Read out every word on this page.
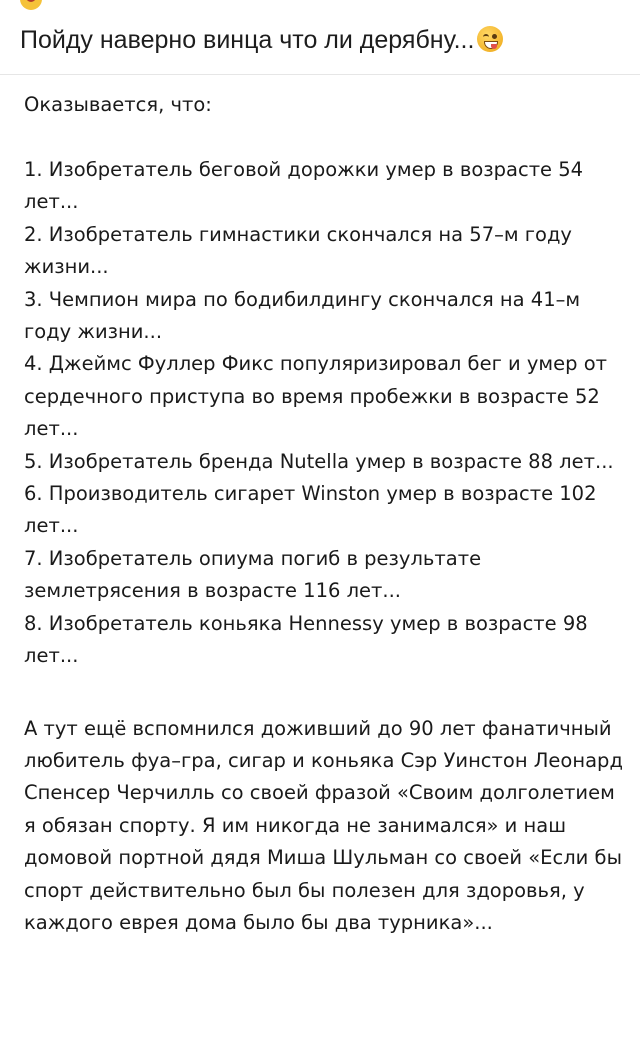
Пойду наверно винца что ли дерябну...

Оказывается, что:

1. Изобретатель беговой дорожки умер в возрасте 54 лет...
2. Изобретатель гимнастики скончался на 57–м году жизни...
3. Чемпион мира по бодибилдингу скончался на 41–м году жизни...
4. Джеймс Фуллер Фикс популяризировал бег и умер от сердечного приступа во время пробежки в возрасте 52 лет...
5. Изобретатель бренда Nutella умер в возрасте 88 лет...
6. Производитель сигарет Winston умер в возрасте 102 лет...
7. Изобретатель опиума погиб в результате землетрясения в возрасте 116 лет...
8. Изобретатель коньяка Hennessy умер в возрасте 98 лет...

А тут ещё вспомнился доживший до 90 лет фанатичный любитель фуа–гра, сигар и коньяка Сэр Уинстон Леонард Спенсер Черчилль со своей фразой «Своим долголетием я обязан спорту. Я им никогда не занимался» и наш домовой портной дядя Миша Шульман со своей «Если бы спорт действительно был бы полезен для здоровья, у каждого еврея дома было бы два турника»...
